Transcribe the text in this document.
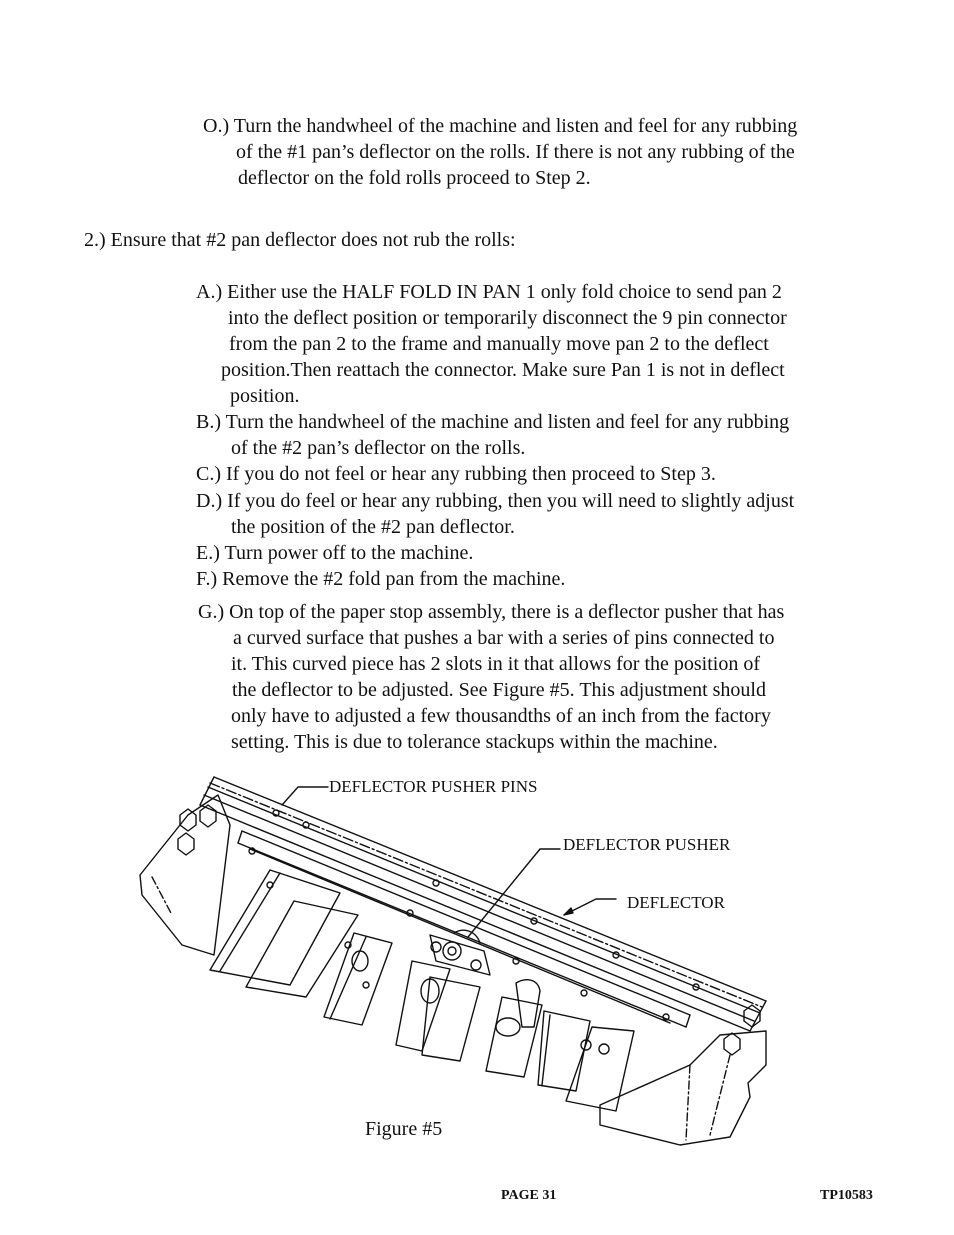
O.) Turn the handwheel of the machine and listen and feel for any rubbing
of the #1 pan’s deflector on the rolls. If there is not any rubbing of the
deflector on the fold rolls proceed to Step 2.
2.) Ensure that #2 pan deflector does not rub the rolls:
A.) Either use the HALF FOLD IN PAN 1 only fold choice to send pan 2
into the deflect position or temporarily disconnect the 9 pin connector
from the pan 2 to the frame and manually move pan 2 to the deflect
position.Then reattach the connector. Make sure Pan 1 is not in deflect
position.
B.) Turn the handwheel of the machine and listen and feel for any rubbing
of the #2 pan’s deflector on the rolls.
C.) If you do not feel or hear any rubbing then proceed to Step 3.
D.) If you do feel or hear any rubbing, then you will need to slightly adjust
the position of the #2 pan deflector.
E.) Turn power off to the machine.
F.) Remove the #2 fold pan from the machine.
G.) On top of the paper stop assembly, there is a deflector pusher that has
a curved surface that pushes a bar with a series of pins connected to
it. This curved piece has 2 slots in it that allows for the position of
the deflector to be adjusted. See Figure #5. This adjustment should
only have to adjusted a few thousandths of an inch from the factory
setting. This is due to tolerance stackups within the machine.
DEFLECTOR PUSHER PINS
DEFLECTOR PUSHER
DEFLECTOR
Figure #5
PAGE 31	TP10583
